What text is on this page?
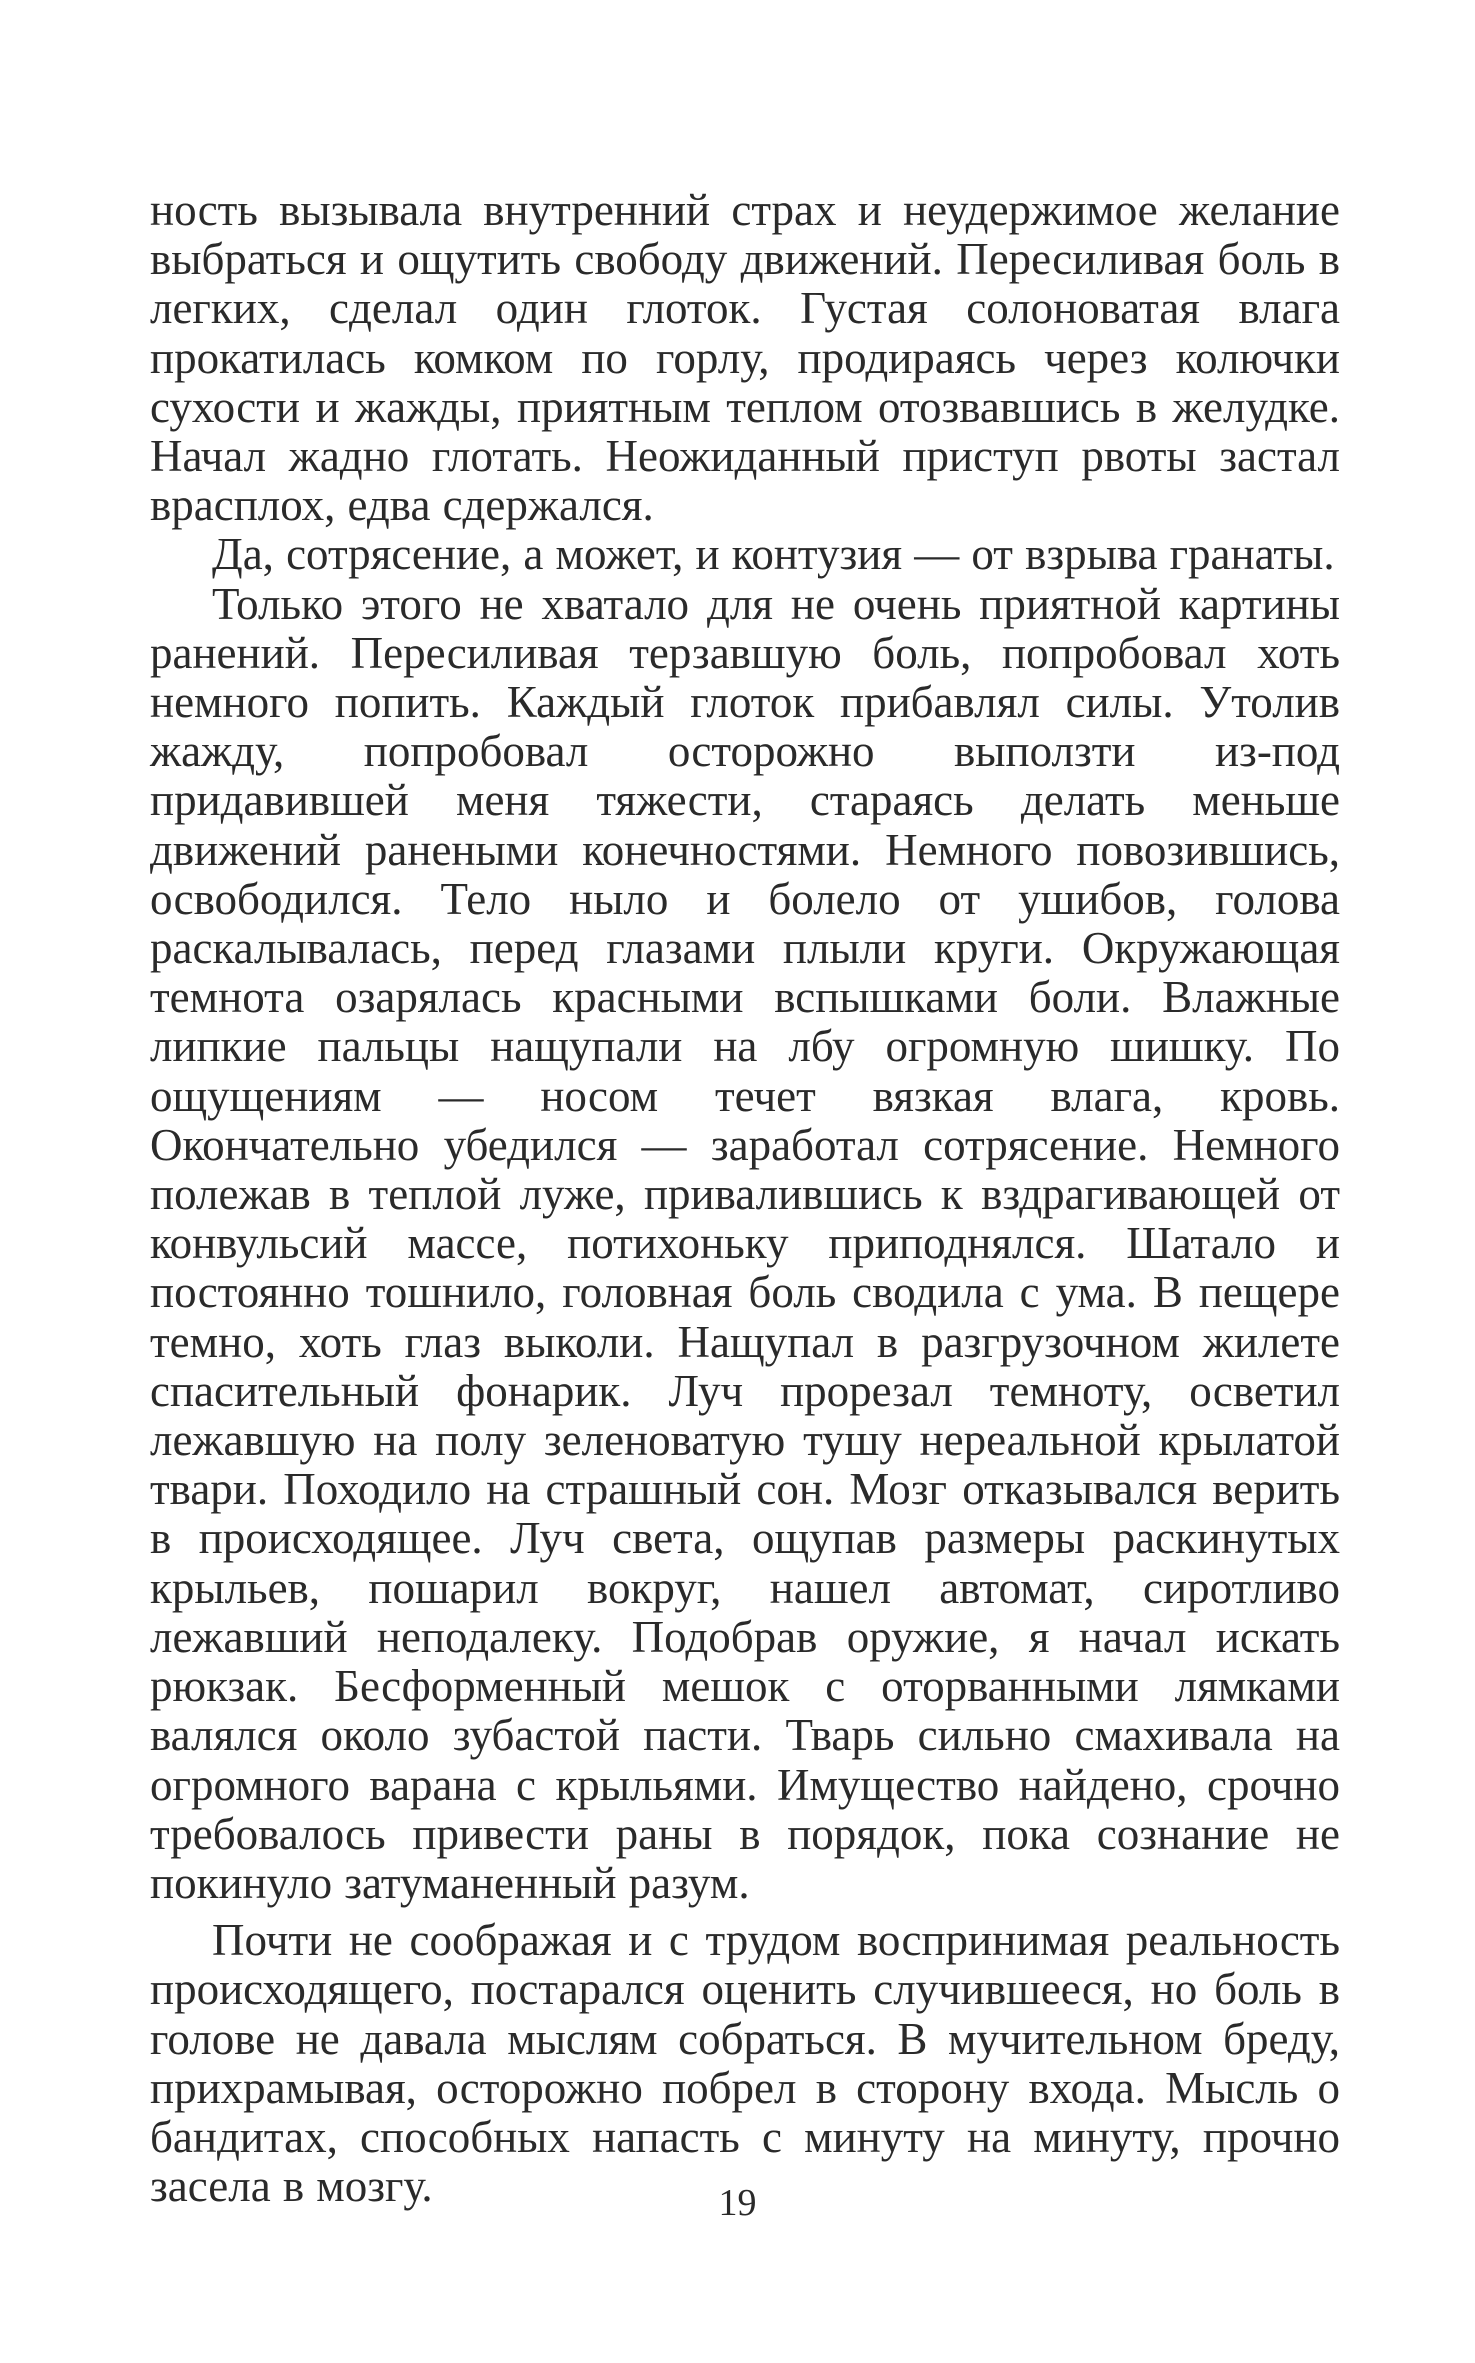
ность вызывала внутренний страх и неудержимое желание выбраться и ощутить свободу движений. Пересиливая боль в легких, сделал один глоток. Густая солоноватая влага прокатилась комком по горлу, продираясь через колючки сухости и жажды, приятным теплом отозвавшись в желудке. Начал жадно глотать. Неожиданный приступ рвоты застал врасплох, едва сдержался.

Да, сотрясение, а может, и контузия — от взрыва гранаты.

Только этого не хватало для не очень приятной картины ранений. Пересиливая терзавшую боль, попробовал хоть немного попить. Каждый глоток прибавлял силы. Утолив жажду, попробовал осторожно выползти из-под придавившей меня тяжести, стараясь делать меньше движений ранеными конечностями. Немного повозившись, освободился. Тело ныло и болело от ушибов, голова раскалывалась, перед глазами плыли круги. Окружающая темнота озарялась красными вспышками боли. Влажные липкие пальцы нащупали на лбу огромную шишку. По ощущениям — носом течет вязкая влага, кровь. Окончательно убедился — заработал сотрясение. Немного полежав в теплой луже, привалившись к вздрагивающей от конвульсий массе, потихоньку приподнялся. Шатало и постоянно тошнило, головная боль сводила с ума. В пещере темно, хоть глаз выколи. Нащупал в разгрузочном жилете спасительный фонарик. Луч прорезал темноту, осветил лежавшую на полу зеленоватую тушу нереальной крылатой твари. Походило на страшный сон. Мозг отказывался верить в происходящее. Луч света, ощупав размеры раскинутых крыльев, пошарил вокруг, нашел автомат, сиротливо лежавший неподалеку. Подобрав оружие, я начал искать рюкзак. Бесформенный мешок с оторванными лямками валялся около зубастой пасти. Тварь сильно смахивала на огромного варана с крыльями. Имущество найдено, срочно требовалось привести раны в порядок, пока сознание не покинуло затуманенный разум.

Почти не соображая и с трудом воспринимая реальность происходящего, постарался оценить случившееся, но боль в голове не давала мыслям собраться. В мучительном бреду, прихрамывая, осторожно побрел в сторону входа. Мысль о бандитах, способных напасть с минуту на минуту, прочно засела в мозгу.	19
